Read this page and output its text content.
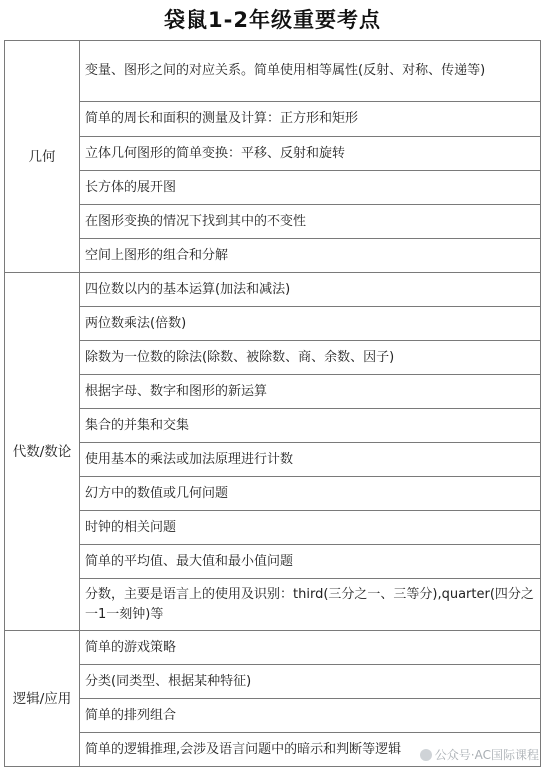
袋鼠1-2年级重要考点
几何	变量、图形之间的对应关系。简单使用相等属性(反射、对称、传递等)
	简单的周长和面积的测量及计算：正方形和矩形
	立体几何图形的简单变换：平移、反射和旋转
	长方体的展开图
	在图形变换的情况下找到其中的不变性
	空间上图形的组合和分解
代数/数论	四位数以内的基本运算(加法和减法)
	两位数乘法(倍数)
	除数为一位数的除法(除数、被除数、商、余数、因子)
	根据字母、数字和图形的新运算
	集合的并集和交集
	使用基本的乘法或加法原理进行计数
	幻方中的数值或几何问题
	时钟的相关问题
	简单的平均值、最大值和最小值问题
	分数，主要是语言上的使用及识别：third(三分之一、三等分),quarter(四分之一1一刻钟)等
逻辑/应用	简单的游戏策略
	分类(同类型、根据某种特征)
	简单的排列组合
	简单的逻辑推理,会涉及语言问题中的暗示和判断等逻辑	公众号·AC国际课程
